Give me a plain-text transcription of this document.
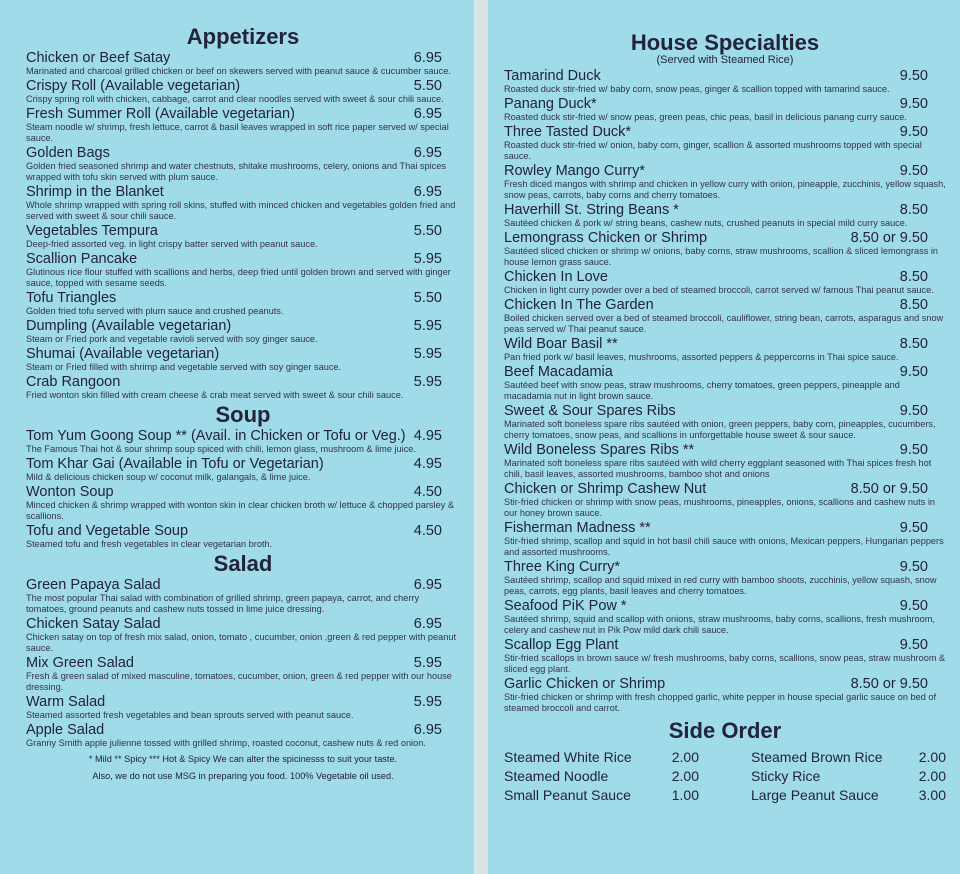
Appetizers
Chicken or Beef Satay	6.95
Marinated and charcoal grilled chicken or beef on skewers served with peanut sauce & cucumber sauce.
Crispy Roll (Available vegetarian)	5.50
Crispy spring roll with chicken, cabbage, carrot and clear noodles served with sweet & sour chili sauce.
Fresh Summer Roll (Available vegetarian)	6.95
Steam noodle w/ shrimp, fresh lettuce, carrot & basil leaves wrapped in soft rice paper served w/ special sauce.
Golden Bags	6.95
Golden fried seasoned shrimp and water chestnuts, shitake mushrooms, celery, onions and Thai spices wrapped with tofu skin served with plum sauce.
Shrimp in the Blanket	6.95
Whole shrimp wrapped with spring roll skins, stuffed with minced chicken and vegetables golden fried and served with sweet & sour chili sauce.
Vegetables Tempura	5.50
Deep-fried assorted veg. in light crispy batter served with peanut sauce.
Scallion Pancake	5.95
Glutinous rice flour stuffed with scallions and herbs, deep fried until golden brown and served with ginger sauce, topped with sesame seeds.
Tofu Triangles	5.50
Golden fried tofu served with plum sauce and crushed peanuts.
Dumpling (Available vegetarian)	5.95
Steam or Fried pork and vegetable ravioli served with soy ginger sauce.
Shumai (Available vegetarian)	5.95
Steam or Fried filled with shrimp and vegetable served with soy ginger sauce.
Crab Rangoon	5.95
Fried wonton skin filled with cream cheese & crab meat served with sweet & sour chili sauce.
Soup
Tom Yum Goong Soup ** (Avail. in Chicken or Tofu or Veg.) 4.95
The Famous Thai hot & sour shrimp soup spiced with chili, lemon glass, mushroom & lime juice.
Tom Khar Gai (Available in Tofu or Vegetarian)	4.95
Mild & delicious chicken soup w/ coconut milk, galangals, & lime juice.
Wonton Soup	4.50
Minced chicken & shrimp wrapped with wonton skin in clear chicken broth w/ lettuce & chopped parsley & scallions.
Tofu and Vegetable Soup	4.50
Steamed tofu and fresh vegetables in clear vegetarian broth.
Salad
Green Papaya Salad	6.95
The most popular Thai salad with combination of grilled shrimp, green papaya, carrot, and cherry tomatoes, ground peanuts and cashew nuts tossed in lime juice dressing.
Chicken Satay Salad	6.95
Chicken satay on top of fresh mix salad, onion, tomato , cucumber, onion ,green & red pepper with peanut sauce.
Mix Green Salad	5.95
Fresh & green salad of mixed masculine, tomatoes, cucumber, onion, green & red pepper with our house dressing.
Warm Salad	5.95
Steamed assorted fresh vegetables and bean sprouts served with peanut sauce.
Apple Salad	6.95
Granny Smith apple julienne tossed with grilled shrimp, roasted coconut, cashew nuts & red onion.
* Mild ** Spicy *** Hot & Spicy We can alter the spicinesss to suit your taste.
Also, we do not use MSG in preparing you food. 100% Vegetable oil used.
House Specialties
(Served with Steamed Rice)
Tamarind Duck	9.50
Roasted duck stir-fried w/ baby corn, snow peas, ginger & scallion topped with tamarind sauce.
Panang Duck*	9.50
Roasted duck stir-fried w/ snow peas, green peas, chic peas, basil in delicious panang curry sauce.
Three Tasted Duck*	9.50
Roasted duck stir-fried w/ onion, baby corn, ginger, scallion & assorted mushrooms topped with special sauce.
Rowley Mango Curry*	9.50
Fresh diced mangos with shrimp and chicken in yellow curry with onion, pineapple, zucchinis, yellow squash, snow peas, carrots, baby corns and cherry tomatoes.
Haverhill St. String Beans *	8.50
Sautéed chicken & pork w/ string beans, cashew nuts, crushed peanuts in special mild curry sauce.
Lemongrass Chicken or Shrimp	8.50 or 9.50
Sautéed sliced chicken or shrimp w/ onions, baby corns, straw mushrooms, scallion & sliced lemongrass in house lemon grass sauce.
Chicken In Love	8.50
Chicken in light curry powder over a bed of steamed broccoli, carrot served w/ famous Thai peanut sauce.
Chicken In The Garden	8.50
Boiled chicken served over a bed of steamed broccoli, cauliflower, string bean, carrots, asparagus and snow peas served w/ Thai peanut sauce.
Wild Boar Basil **	8.50
Pan fried pork w/ basil leaves, mushrooms, assorted peppers & peppercorns in Thai spice sauce.
Beef Macadamia	9.50
Sautéed beef with snow peas, straw mushrooms, cherry tomatoes, green peppers, pineapple and macadamia nut in light brown sauce.
Sweet & Sour Spares Ribs	9.50
Marinated soft boneless spare ribs sautéed with onion, green peppers, baby corn, pineapples, cucumbers, cherry tomatoes, snow peas, and scallions in unforgettable house sweet & sour sauce.
Wild Boneless Spares Ribs **	9.50
Marinated soft boneless spare ribs sautéed with wild cherry eggplant seasoned with Thai spices fresh hot chili, basil leaves, assorted mushrooms, bamboo shot and onions
Chicken or Shrimp Cashew Nut	8.50 or 9.50
Stir-fried chicken or shrimp with snow peas, mushrooms, pineapples, onions, scallions and cashew nuts in our honey brown sauce.
Fisherman Madness **	9.50
Stir-fried shrimp, scallop and squid in hot basil chili sauce with onions, Mexican peppers, Hungarian peppers and assorted mushrooms.
Three King Curry*	9.50
Sautéed shrimp, scallop and squid mixed in red curry with bamboo shoots, zucchinis, yellow squash, snow peas, carrots, egg plants, basil leaves and cherry tomatoes.
Seafood PiK Pow *	9.50
Sautéed shrimp, squid and scallop with onions, straw mushrooms, baby corns, scallions, fresh mushroom, celery and cashew nut in Pik Pow mild dark chili sauce.
Scallop Egg Plant	9.50
Stir-fried scallops in brown sauce w/ fresh mushrooms, baby corns, scallions, snow peas, straw mushroom & sliced egg plant.
Garlic Chicken or Shrimp	8.50 or 9.50
Stir-fried chicken or shrimp with fresh chopped garlic, white pepper in house special garlic sauce on bed of steamed broccoli and carrot.
Side Order
Steamed White Rice	2.00	Steamed Brown Rice	2.00
Steamed Noodle	2.00	Sticky Rice	2.00
Small Peanut Sauce	1.00	Large Peanut Sauce	3.00
